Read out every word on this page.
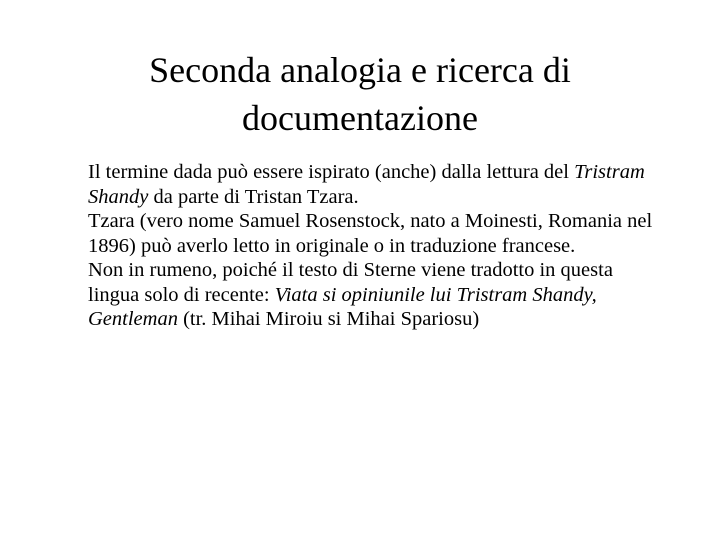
Seconda analogia e ricerca di
documentazione

Il termine dada può essere ispirato (anche) dalla lettura del Tristram Shandy da parte di Tristan Tzara.

Tzara (vero nome Samuel Rosenstock, nato a Moinesti, Romania nel 1896) può averlo letto in originale o in traduzione francese.

Non in rumeno, poiché il testo di Sterne viene tradotto in questa lingua solo di recente: Viata si opiniunile lui Tristram Shandy, Gentleman (tr. Mihai Miroiu si Mihai Spariosu)
